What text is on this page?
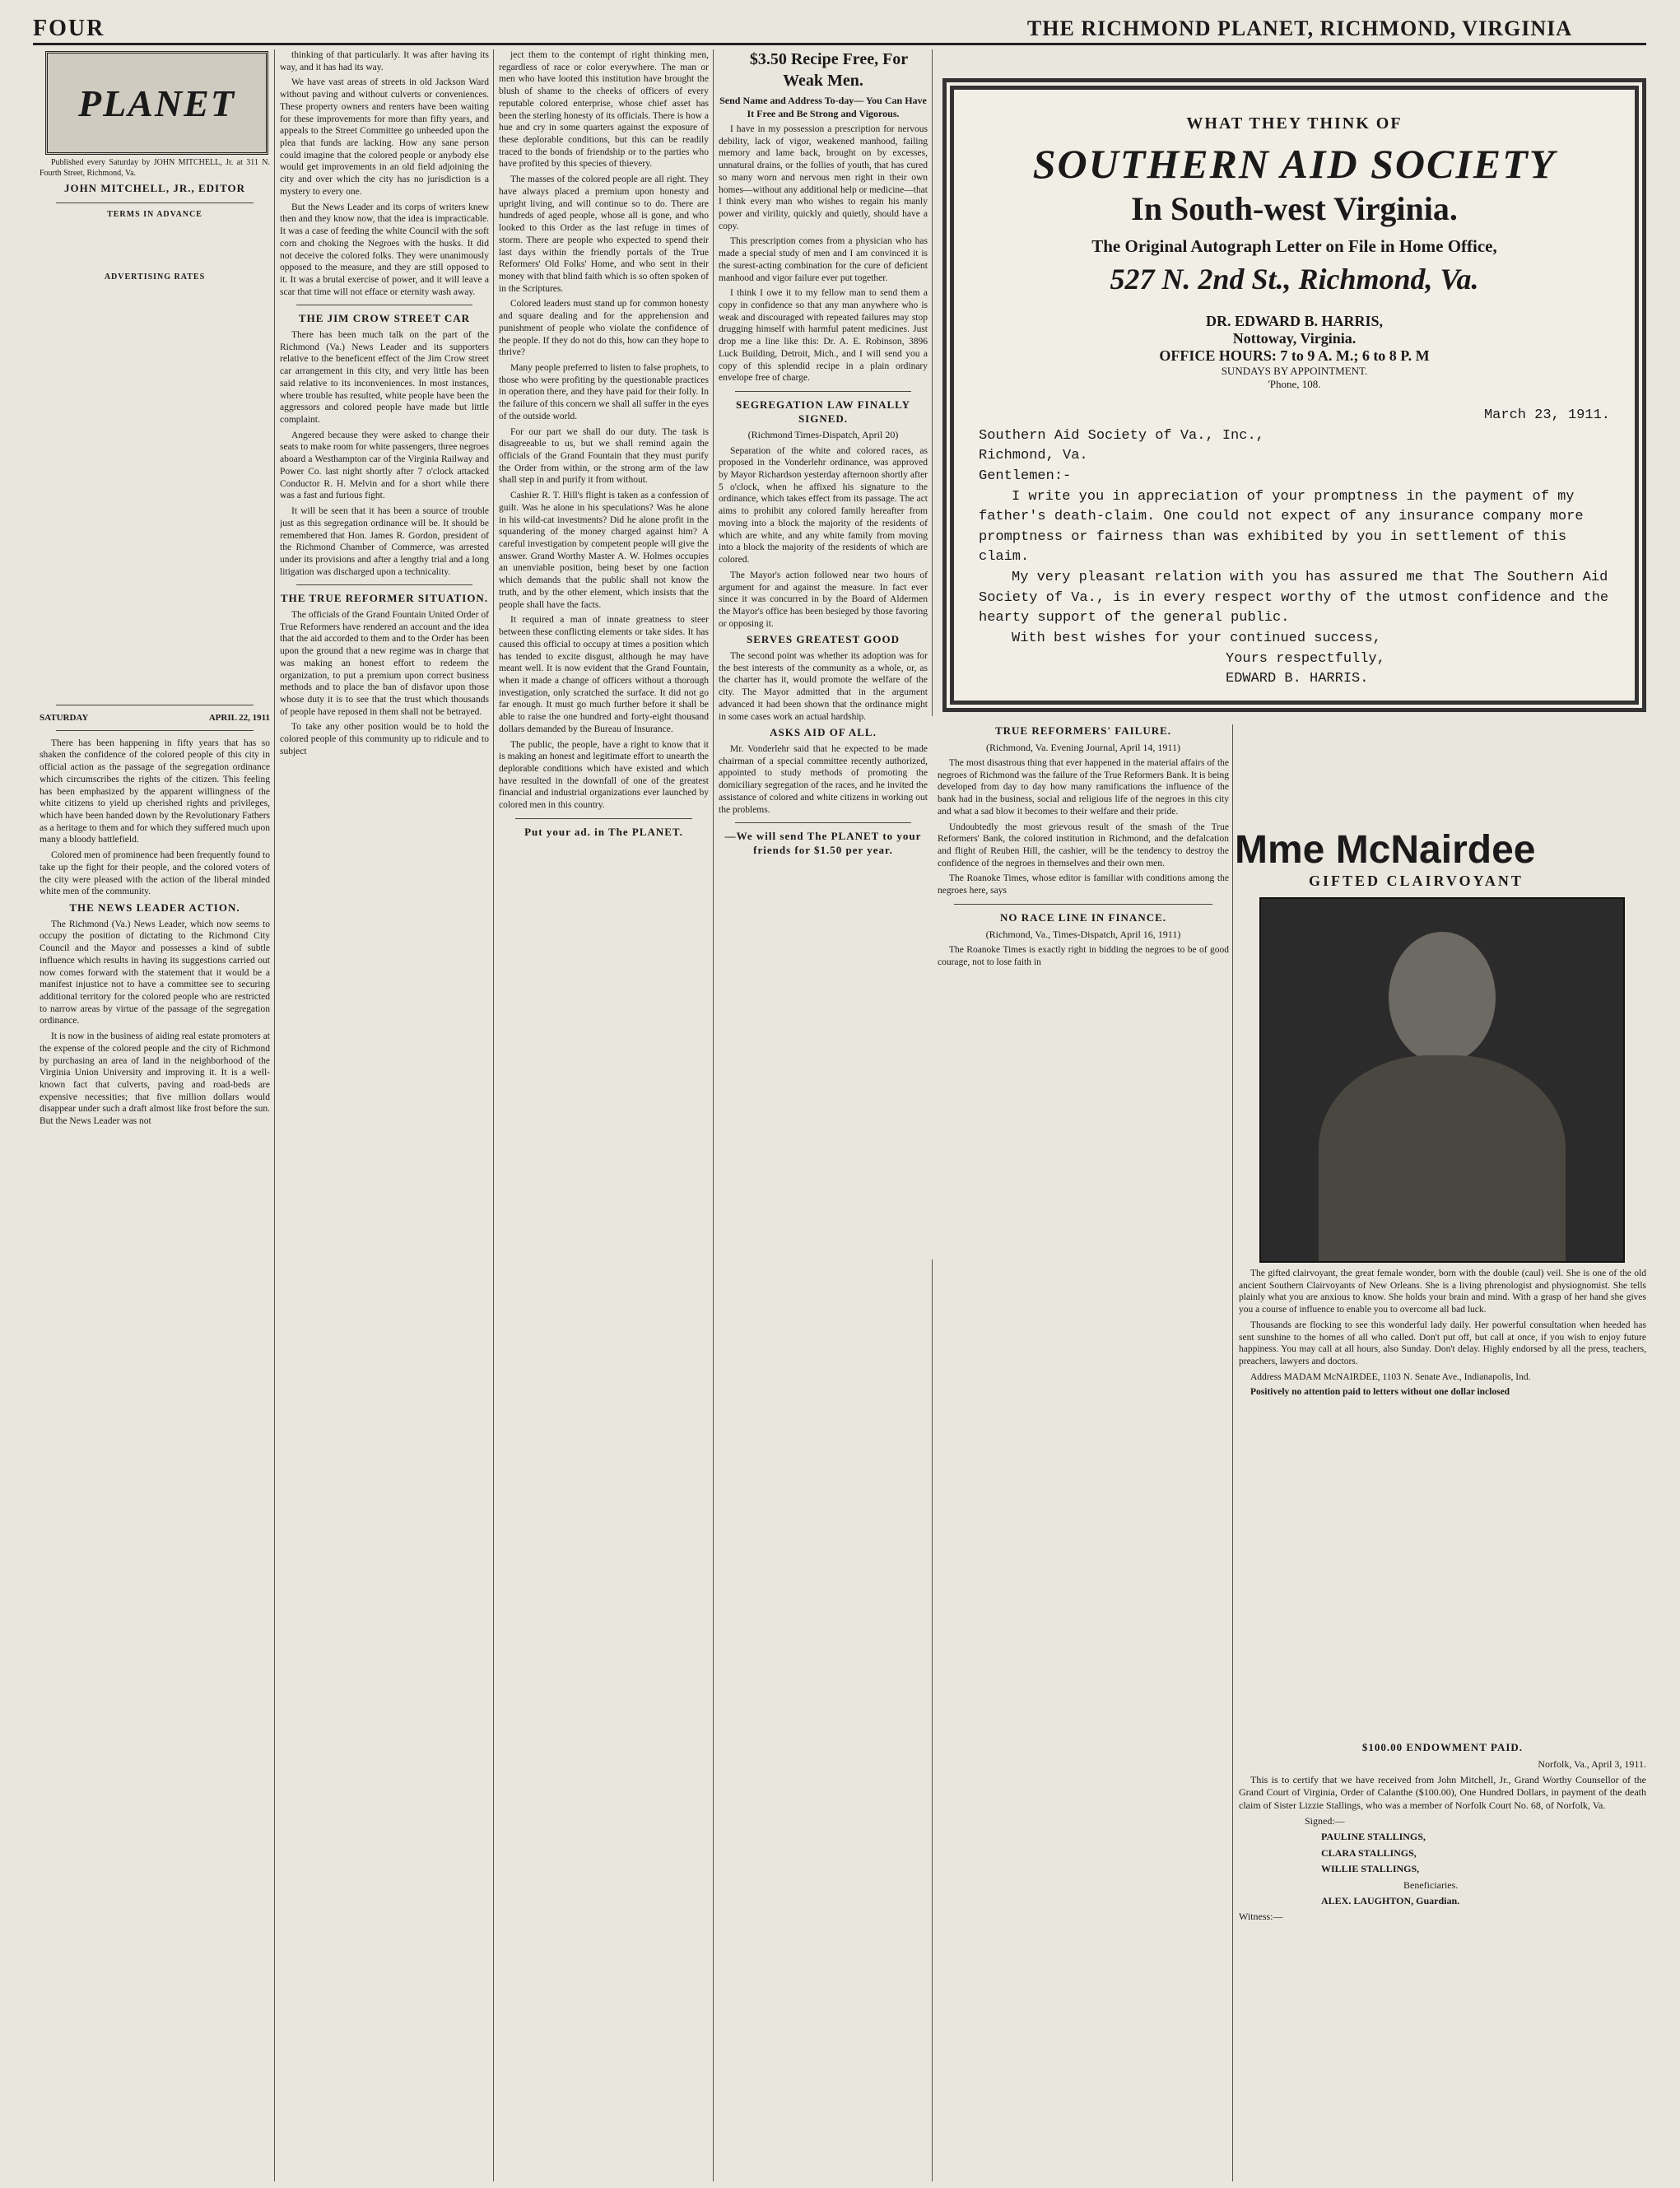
FOUR	THE RICHMOND PLANET, RICHMOND, VIRGINIA
PLANET

Published every Saturday by JOHN MITCHELL, Jr. at 311 N. Fourth Street, Richmond, Va.

JOHN MITCHELL, JR., EDITOR

TERMS IN ADVANCE

ADVERTISING RATES

SATURDAY	APRIL 22, 1911

There has been happening in fifty years that has so shaken the confidence of the colored people of this city in official action as the passage of the segregation ordinance which circumscribes the rights of the citizen. This feeling has been emphasized by the apparent willingness of the white citizens to yield up cherished rights and privileges, which have been handed down by the Revolutionary Fathers as a heritage to them and for which they suffered much upon many a bloody battlefield.

Colored men of prominence had been frequently found to take up the fight for their people, and the colored voters of the city were pleased with the action of the liberal minded white men of the community.

THE NEWS LEADER ACTION.

The Richmond (Va.) News Leader, which now seems to occupy the position of dictating to the Richmond City Council and the Mayor and possesses a kind of subtle influence which results in having its suggestions carried out now comes forward with the statement that it would be a manifest injustice not to have a committee see to securing additional territory for the colored people who are restricted to narrow areas by virtue of the passage of the segregation ordinance.

It is now in the business of aiding real estate promoters at the expense of the colored people and the city of Richmond by purchasing an area of land in the neighborhood of the Virginia Union University and improving it. It is a well-known fact that culverts, paving and road-beds are expensive necessities; that five million dollars would disappear under such a draft almost like frost before the sun. But the News Leader was not

thinking of that particularly. It was after having its way, and it has had its way.

We have vast areas of streets in old Jackson Ward without paving and without culverts or conveniences. These property owners and renters have been waiting for these improvements for more than fifty years, and appeals to the Street Committee go unheeded upon the plea that funds are lacking. How any sane person could imagine that the colored people or anybody else would get improvements in an old field adjoining the city and over which the city has no jurisdiction is a mystery to every one.

But the News Leader and its corps of writers knew then and they know now, that the idea is impracticable. It was a case of feeding the white Council with the soft corn and choking the Negroes with the husks. It did not deceive the colored folks. They were unanimously opposed to the measure, and they are still opposed to it. It was a brutal exercise of power, and it will leave a scar that time will not efface or eternity wash away.

THE JIM CROW STREET CAR

There has been much talk on the part of the Richmond (Va.) News Leader and its supporters relative to the beneficent effect of the Jim Crow street car arrangement in this city, and very little has been said relative to its inconveniences. In most instances, where trouble has resulted, white people have been the aggressors and colored people have made but little complaint.

Angered because they were asked to change their seats to make room for white passengers, three negroes aboard a Westhampton car of the Virginia Railway and Power Co. last night shortly after 7 o'clock attacked Conductor R. H. Melvin and for a short while there was a fast and furious fight.

It will be seen that it has been a source of trouble just as this segregation ordinance will be. It should be remembered that Hon. James R. Gordon, president of the Richmond Chamber of Commerce, was arrested under its provisions and after a lengthy trial and a long litigation was discharged upon a technicality.

THE TRUE REFORMER SITUATION.

The officials of the Grand Fountain United Order of True Reformers have rendered an account and the idea that the aid accorded to them and to the Order has been upon the ground that a new regime was in charge that was making an honest effort to redeem the organization, to put a premium upon correct business methods and to place the ban of disfavor upon those whose duty it is to see that the trust which thousands of people have reposed in them shall not be betrayed.

To take any other position would be to hold the colored people of this community up to ridicule and to subject

ject them to the contempt of right thinking men, regardless of race or color everywhere. The man or men who have looted this institution have brought the blush of shame to the cheeks of officers of every reputable colored enterprise, whose chief asset has been the sterling honesty of its officials. There is how a hue and cry in some quarters against the exposure of these deplorable conditions, but this can be readily traced to the bonds of friendship or to the parties who have profited by this species of thievery.

The masses of the colored people are all right. They have always placed a premium upon honesty and upright living, and will continue so to do. There are hundreds of aged people, whose all is gone, and who looked to this Order as the last refuge in times of storm. There are people who expected to spend their last days within the friendly portals of the True Reformers' Old Folks' Home, and who sent in their money with that blind faith which is so often spoken of in the Scriptures.

Colored leaders must stand up for common honesty and square dealing and for the apprehension and punishment of people who violate the confidence of the people. If they do not do this, how can they hope to thrive?

Many people preferred to listen to false prophets, to those who were profiting by the questionable practices in operation there, and they have paid for their folly. In the failure of this concern we shall all suffer in the eyes of the outside world.

For our part we shall do our duty. The task is disagreeable to us, but we shall remind again the officials of the Grand Fountain that they must purify the Order from within, or the strong arm of the law shall step in and purify it from without.

Cashier R. T. Hill's flight is taken as a confession of guilt. Was he alone in his speculations? Was he alone in his wild-cat investments? Did he alone profit in the squandering of the money charged against him? A careful investigation by competent people will give the answer. Grand Worthy Master A. W. Holmes occupies an unenviable position, being beset by one faction which demands that the public shall not know the truth, and by the other element, which insists that the people shall have the facts.

It required a man of innate greatness to steer between these conflicting elements or take sides. It has caused this official to occupy at times a position which has tended to excite disgust, although he may have meant well. It is now evident that the Grand Fountain, when it made a change of officers without a thorough investigation, only scratched the surface. It did not go far enough. It must go much further before it shall be able to raise the one hundred and forty-eight thousand dollars demanded by the Bureau of Insurance.

The public, the people, have a right to know that it is making an honest and legitimate effort to unearth the deplorable conditions which have existed and which have resulted in the downfall of one of the greatest financial and industrial organizations ever launched by colored men in this country.

Put your ad. in The PLANET.

$3.50 Recipe Free, For Weak Men.

Send Name and Address To-day— You Can Have It Free and Be Strong and Vigorous.

I have in my possession a prescription for nervous debility, lack of vigor, weakened manhood, failing memory and lame back, brought on by excesses, unnatural drains, or the follies of youth, that has cured so many worn and nervous men right in their own homes—without any additional help or medicine—that I think every man who wishes to regain his manly power and virility, quickly and quietly, should have a copy.

This prescription comes from a physician who has made a special study of men and I am convinced it is the surest-acting combination for the cure of deficient manhood and vigor failure ever put together.

I think I owe it to my fellow man to send them a copy in confidence so that any man anywhere who is weak and discouraged with repeated failures may stop drugging himself with harmful patent medicines. Just drop me a line like this: Dr. A. E. Robinson, 3896 Luck Building, Detroit, Mich., and I will send you a copy of this splendid recipe in a plain ordinary envelope free of charge.

SEGREGATION LAW FINALLY SIGNED.

(Richmond Times-Dispatch, April 20)

Separation of the white and colored races, as proposed in the Vonderlehr ordinance, was approved by Mayor Richardson yesterday afternoon shortly after 5 o'clock, when he affixed his signature to the ordinance, which takes effect from its passage. The act aims to prohibit any colored family hereafter from moving into a block the majority of the residents of which are white, and any white family from moving into a block the majority of the residents of which are colored.

The Mayor's action followed near two hours of argument for and against the measure. In fact ever since it was concurred in by the Board of Aldermen the Mayor's office has been besieged by those favoring or opposing it.

SERVES GREATEST GOOD

The second point was whether its adoption was for the best interests of the community as a whole, or, as the charter has it, would promote the welfare of the city. The Mayor admitted that in the argument advanced it had been shown that the ordinance might in some cases work an actual hardship.

ASKS AID OF ALL.

Mr. Vonderlehr said that he expected to be made chairman of a special committee recently authorized, appointed to study methods of promoting the domiciliary segregation of the races, and he invited the assistance of colored and white citizens in working out the problems.

—We will send The PLANET to your friends for $1.50 per year.

WHAT THEY THINK OF
SOUTHERN AID SOCIETY
In South-west Virginia.
The Original Autograph Letter on File in Home Office,
527 N. 2nd St., Richmond, Va.
DR. EDWARD B. HARRIS,
Nottoway, Virginia.
OFFICE HOURS: 7 to 9 A. M.; 6 to 8 P. M
SUNDAYS BY APPOINTMENT.
'Phone, 108.
March 23, 1911.
Southern Aid Society of Va., Inc.,
Richmond, Va.
Gentlemen:-
I write you in appreciation of your promptness in the payment of my father's death-claim. One could not expect of any insurance company more promptness or fairness than was exhibited by you in settlement of this claim.
My very pleasant relation with you has assured me that The Southern Aid Society of Va., is in every respect worthy of the utmost confidence and the hearty support of the general public.
With best wishes for your continued success,
Yours respectfully,
EDWARD B. HARRIS.

TRUE REFORMERS' FAILURE.

(Richmond, Va. Evening Journal, April 14, 1911)

The most disastrous thing that ever happened in the material affairs of the negroes of Richmond was the failure of the True Reformers Bank. It is being developed from day to day how many ramifications the influence of the bank had in the business, social and religious life of the negroes in this city and what a sad blow it becomes to their welfare and their pride.

Undoubtedly the most grievous result of the smash of the True Reformers' Bank, the colored institution in Richmond, and the defalcation and flight of Reuben Hill, the cashier, will be the tendency to destroy the confidence of the negroes in themselves and their own men.

The Roanoke Times, whose editor is familiar with conditions among the negroes here, says

NO RACE LINE IN FINANCE.

(Richmond, Va., Times-Dispatch, April 16, 1911)

The Roanoke Times is exactly right in bidding the negroes to be of good courage, not to lose faith in

Mme McNairdee
GIFTED CLAIRVOYANT

The gifted clairvoyant, the great female wonder, born with the double (caul) veil. She is one of the old ancient Southern Clairvoyants of New Orleans. She is a living phrenologist and physiognomist. She tells plainly what you are anxious to know. She holds your brain and mind. With a grasp of her hand she gives you a course of influence to enable you to overcome all bad luck.

Thousands are flocking to see this wonderful lady daily. Her powerful consultation when heeded has sent sunshine to the homes of all who called. Don't put off, but call at once, if you wish to enjoy future happiness. You may call at all hours, also Sunday. Don't delay. Highly endorsed by all the press, teachers, preachers, lawyers and doctors.

Address MADAM McNAIRDEE, 1103 N. Senate Ave., Indianapolis, Ind.

Positively no attention paid to letters without one dollar inclosed

$100.00 ENDOWMENT PAID.

Norfolk, Va., April 3, 1911.

This is to certify that we have received from John Mitchell, Jr., Grand Worthy Counsellor of the Grand Court of Virginia, Order of Calanthe ($100.00), One Hundred Dollars, in payment of the death claim of Sister Lizzie Stallings, who was a member of Norfolk Court No. 68, of Norfolk, Va.

Signed:—

PAULINE STALLINGS,

CLARA STALLINGS,

WILLIE STALLINGS,

Beneficiaries.

ALEX. LAUGHTON, Guardian.

Witness:—
